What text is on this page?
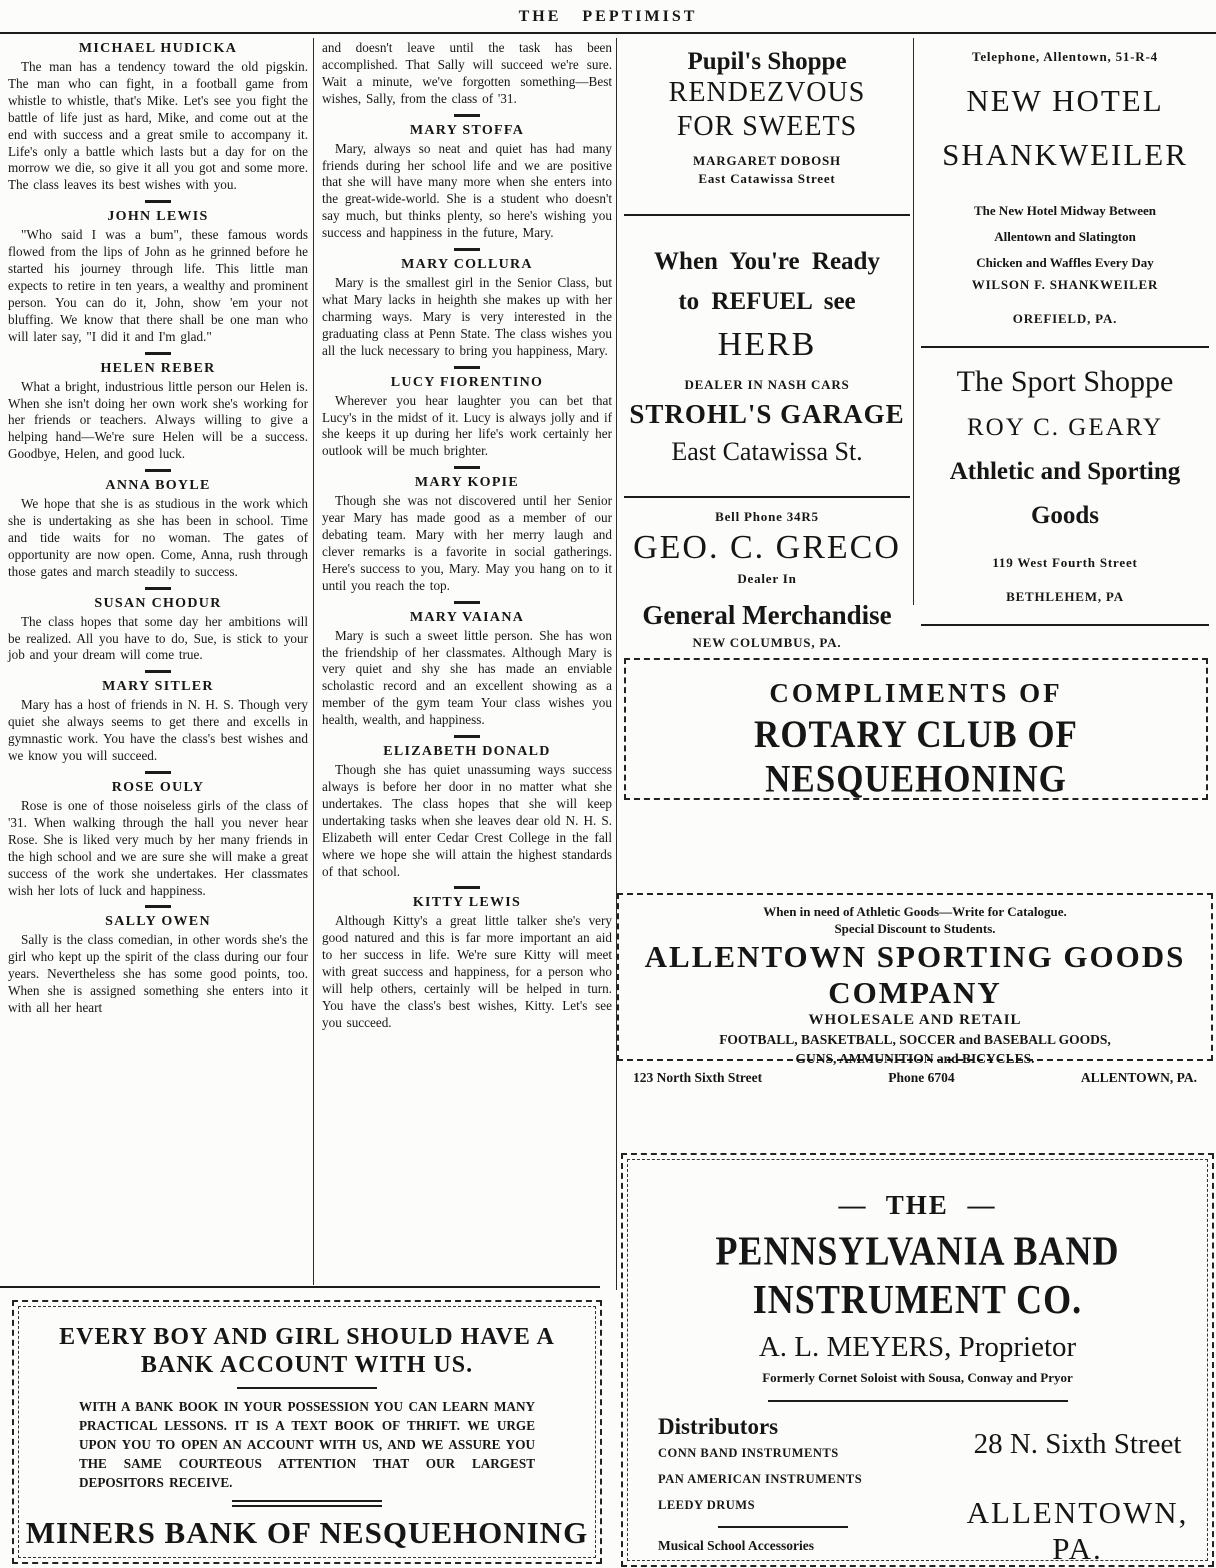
THE PEPTIMIST
MICHAEL HUDICKA

The man has a tendency toward the old pigskin. The man who can fight, in a football game from whistle to whistle, that's Mike. Let's see you fight the battle of life just as hard, Mike, and come out at the end with success and a great smile to accompany it. Life's only a battle which lasts but a day for on the morrow we die, so give it all you got and some more. The class leaves its best wishes with you.

JOHN LEWIS

"Who said I was a bum", these famous words flowed from the lips of John as he grinned before he started his journey through life. This little man expects to retire in ten years, a wealthy and prominent person. You can do it, John, show 'em your not bluffing. We know that there shall be one man who will later say, "I did it and I'm glad."

HELEN REBER

What a bright, industrious little person our Helen is. When she isn't doing her own work she's working for her friends or teachers. Always willing to give a helping hand—We're sure Helen will be a success. Goodbye, Helen, and good luck.

ANNA BOYLE

We hope that she is as studious in the work which she is undertaking as she has been in school. Time and tide waits for no woman. The gates of opportunity are now open. Come, Anna, rush through those gates and march steadily to success.

SUSAN CHODUR

The class hopes that some day her ambitions will be realized. All you have to do, Sue, is stick to your job and your dream will come true.

MARY SITLER

Mary has a host of friends in N. H. S. Though very quiet she always seems to get there and excells in gymnastic work. You have the class's best wishes and we know you will succeed.

ROSE OULY

Rose is one of those noiseless girls of the class of '31. When walking through the hall you never hear Rose. She is liked very much by her many friends in the high school and we are sure she will make a great success of the work she undertakes. Her classmates wish her lots of luck and happiness.

SALLY OWEN

Sally is the class comedian, in other words she's the girl who kept up the spirit of the class during our four years. Nevertheless she has some good points, too. When she is assigned something she enters into it with all her heart

and doesn't leave until the task has been accomplished. That Sally will succeed we're sure. Wait a minute, we've forgotten something—Best wishes, Sally, from the class of '31.

MARY STOFFA

Mary, always so neat and quiet has had many friends during her school life and we are positive that she will have many more when she enters into the great-wide-world. She is a student who doesn't say much, but thinks plenty, so here's wishing you success and happiness in the future, Mary.

MARY COLLURA

Mary is the smallest girl in the Senior Class, but what Mary lacks in heighth she makes up with her charming ways. Mary is very interested in the graduating class at Penn State. The class wishes you all the luck necessary to bring you happiness, Mary.

LUCY FIORENTINO

Wherever you hear laughter you can bet that Lucy's in the midst of it. Lucy is always jolly and if she keeps it up during her life's work certainly her outlook will be much brighter.

MARY KOPIE

Though she was not discovered until her Senior year Mary has made good as a member of our debating team. Mary with her merry laugh and clever remarks is a favorite in social gatherings. Here's success to you, Mary. May you hang on to it until you reach the top.

MARY VAIANA

Mary is such a sweet little person. She has won the friendship of her classmates. Although Mary is very quiet and shy she has made an enviable scholastic record and an excellent showing as a member of the gym team Your class wishes you health, wealth, and happiness.

ELIZABETH DONALD

Though she has quiet unassuming ways success always is before her door in no matter what she undertakes. The class hopes that she will keep undertaking tasks when she leaves dear old N. H. S. Elizabeth will enter Cedar Crest College in the fall where we hope she will attain the highest standards of that school.

KITTY LEWIS

Although Kitty's a great little talker she's very good natured and this is far more important an aid to her success in life. We're sure Kitty will meet with great success and happiness, for a person who will help others, certainly will be helped in turn. You have the class's best wishes, Kitty. Let's see you succeed.

Pupil's Shoppe
RENDEZVOUS
FOR SWEETS
MARGARET DOBOSH
East Catawissa Street
When You're Ready
to REFUEL see
HERB
DEALER IN NASH CARS
STROHL'S GARAGE
East Catawissa St.
Bell Phone 34R5
GEO. C. GRECO
Dealer In
General Merchandise
NEW COLUMBUS, PA.
Telephone, Allentown, 51-R-4
NEW HOTEL
SHANKWEILER
The New Hotel Midway Between
Allentown and Slatington
Chicken and Waffles Every Day
WILSON F. SHANKWEILER
OREFIELD, PA.
The Sport Shoppe
ROY C. GEARY
Athletic and Sporting Goods
119 West Fourth Street
BETHLEHEM, PA
COMPLIMENTS OF
ROTARY CLUB OF NESQUEHONING
When in need of Athletic Goods—Write for Catalogue.
Special Discount to Students.
ALLENTOWN SPORTING GOODS COMPANY
WHOLESALE AND RETAIL
FOOTBALL, BASKETBALL, SOCCER and BASEBALL GOODS,
GUNS, AMMUNITION and BICYCLES.
123 North Sixth Street	Phone 6704	ALLENTOWN, PA.
— THE —
PENNSYLVANIA BAND INSTRUMENT CO.
A. L. MEYERS, Proprietor
Formerly Cornet Soloist with Sousa, Conway and Pryor
Distributors
CONN BAND INSTRUMENTS
PAN AMERICAN INSTRUMENTS
LEEDY DRUMS
Musical School Accessories
28 N. Sixth Street
ALLENTOWN, PA.
EVERY BOY AND GIRL SHOULD HAVE A
BANK ACCOUNT WITH US.
WITH A BANK BOOK IN YOUR POSSESSION YOU CAN LEARN MANY PRACTICAL LESSONS. IT IS A TEXT BOOK OF THRIFT. WE URGE UPON YOU TO OPEN AN ACCOUNT WITH US, AND WE ASSURE YOU THE SAME COURTEOUS ATTENTION THAT OUR LARGEST DEPOSITORS RECEIVE.
MINERS BANK OF NESQUEHONING
